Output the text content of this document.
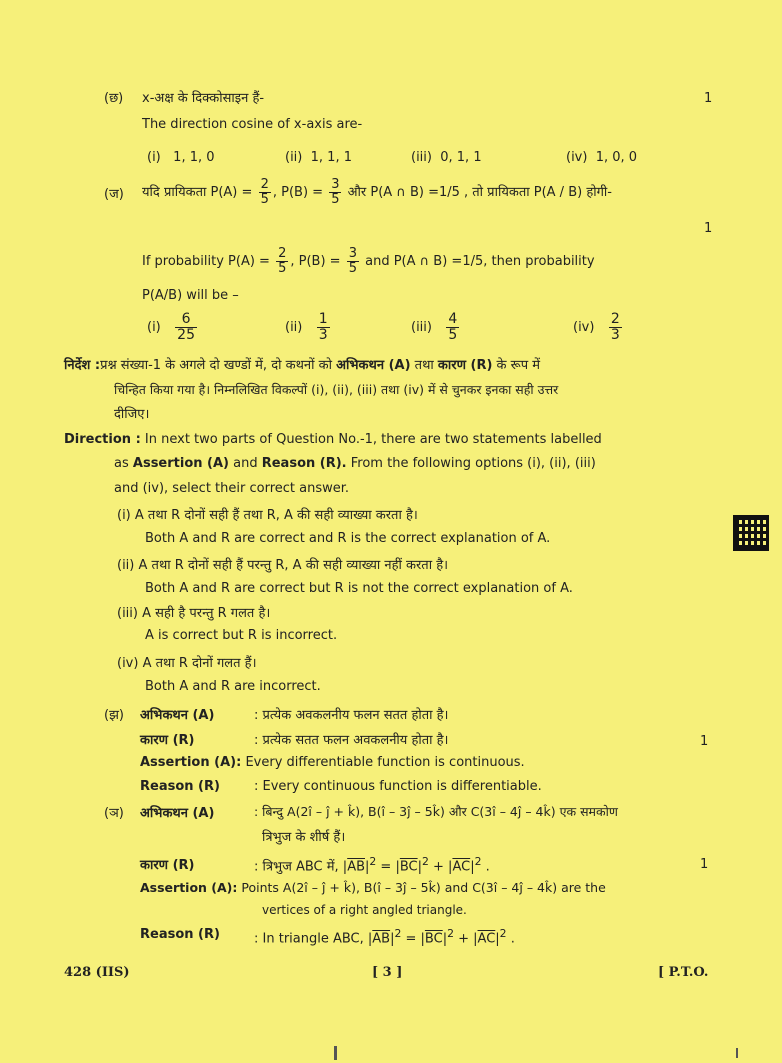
(छ) x-अक्ष के दिक्कोसाइन हैं-	1
The direction cosine of x-axis are-
(i) 1, 1, 0	(ii) 1, 1, 1	(iii) 0, 1, 1	(iv) 1, 0, 0
(ज) यदि प्रायिकता $P(A) = \frac{2}{5}$ , $P(B) = \frac{3}{5}$ और P(A ∩ B) =1/5 , तो प्रायिकता P(A / B) होगी-
1
If probability $P(A) = \frac{2}{5}$ , $P(B) = \frac{3}{5}$ and P(A ∩ B) =1/5, then probability
P(A/B) will be –
$(i) \frac{6}{25}$	$(ii) \frac{1}{3}$	$(iii) \frac{4}{5}$	$(iv) \frac{2}{3}$
निर्देश :प्रश्न संख्या-1 के अगले दो खण्डों में, दो कथनों को अभिकथन (A) तथा कारण (R) के रूप में
चिन्हित किया गया है। निम्नलिखित विकल्पों (i), (ii), (iii) तथा (iv) में से चुनकर इनका सही उत्तर
दीजिए।
Direction : In next two parts of Question No.-1, there are two statements labelled
as Assertion (A) and Reason (R). From the following options (i), (ii), (iii)
and (iv), select their correct answer.
(i) A तथा R दोनों सही हैं तथा R, A की सही व्याख्या करता है।
Both A and R are correct and R is the correct explanation of A.
(ii) A तथा R दोनों सही हैं परन्तु R, A की सही व्याख्या नहीं करता है।
Both A and R are correct but R is not the correct explanation of A.
(iii) A सही है परन्तु R गलत है।
A is correct but R is incorrect.
(iv) A तथा R दोनों गलत हैं।
Both A and R are incorrect.
(झ) अभिकथन (A)	: प्रत्येक अवकलनीय फलन सतत होता है।
कारण (R)	: प्रत्येक सतत फलन अवकलनीय होता है।	1
Assertion (A): Every differentiable function is continuous.
Reason (R)	: Every continuous function is differentiable.
(ञ) अभिकथन (A)	: बिन्दु A(2î – ĵ + k̂), B(î – 3ĵ – 5k̂) और C(3î – 4ĵ – 4k̂) एक समकोण
त्रिभुज के शीर्ष हैं।
कारण (R)	: त्रिभुज ABC में, $|\overline{AB}|^2 = |\overline{BC}|^2 + |\overline{AC}|^2$ .	1
Assertion (A): Points A(2î – ĵ + k̂), B(î – 3ĵ – 5k̂) and C(3î – 4ĵ – 4k̂) are the
vertices of a right angled triangle.
Reason (R)	: In triangle ABC, $|\overline{AB}|^2 = |\overline{BC}|^2 + |\overline{AC}|^2$ .
428 (IIS)	[ 3 ]	[ P.T.O.
